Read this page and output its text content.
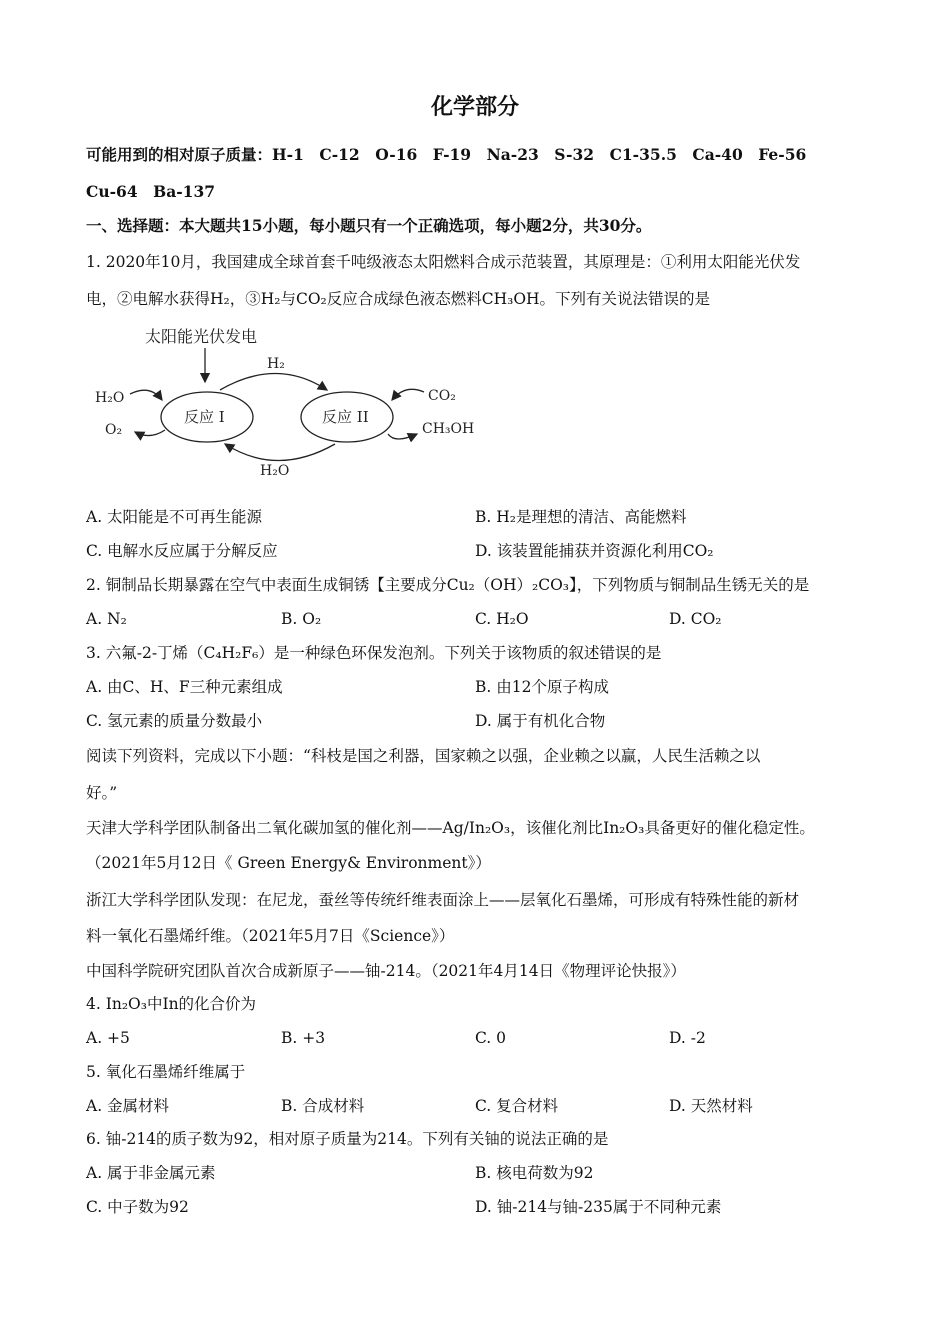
化学部分
可能用到的相对原子质量：H-1　C-12　O-16　F-19　Na-23　S-32　C1-35.5　Ca-40　Fe-56
Cu-64　Ba-137
一、选择题：本大题共15小题，每小题只有一个正确选项，每小题2分，共30分。
1. 2020年10月，我国建成全球首套千吨级液态太阳燃料合成示范装置，其原理是：①利用太阳能光伏发
电，②电解水获得H₂，③H₂与CO₂反应合成绿色液态燃料CH₃OH。下列有关说法错误的是
太阳能光伏发电
反应 I	反应 II
H₂
H₂O
H₂O
O₂
CO₂
CH₃OH
A. 太阳能是不可再生能源	B. H₂是理想的清洁、高能燃料
C. 电解水反应属于分解反应	D. 该装置能捕获并资源化利用CO₂
2. 铜制品长期暴露在空气中表面生成铜锈【主要成分Cu₂（OH）₂CO₃】，下列物质与铜制品生锈无关的是
A. N₂	B. O₂	C. H₂O	D. CO₂
3. 六氟-2-丁烯（C₄H₂F₆）是一种绿色环保发泡剂。下列关于该物质的叙述错误的是
A. 由C、H、F三种元素组成	B. 由12个原子构成
C. 氢元素的质量分数最小	D. 属于有机化合物
阅读下列资料，完成以下小题：“科枝是国之利器，国家赖之以强，企业赖之以赢，人民生活赖之以
好。”
天津大学科学团队制备出二氧化碳加氢的催化剂——Ag/In₂O₃，该催化剂比In₂O₃具备更好的催化稳定性。
（2021年5月12日《 Green Energy& Environment》）
浙江大学科学团队发现：在尼龙，蚕丝等传统纤维表面涂上——层氧化石墨烯，可形成有特殊性能的新材
料一氧化石墨烯纤维。（2021年5月7日《Science》）
中国科学院研究团队首次合成新原子——铀-214。（2021年4月14日《物理评论快报》）
4. In₂O₃中In的化合价为
A. +5	B. +3	C. 0	D. -2
5. 氧化石墨烯纤维属于
A. 金属材料	B. 合成材料	C. 复合材料	D. 天然材料
6. 铀-214的质子数为92，相对原子质量为214。下列有关铀的说法正确的是
A. 属于非金属元素	B. 核电荷数为92
C. 中子数为92	D. 铀-214与铀-235属于不同种元素
